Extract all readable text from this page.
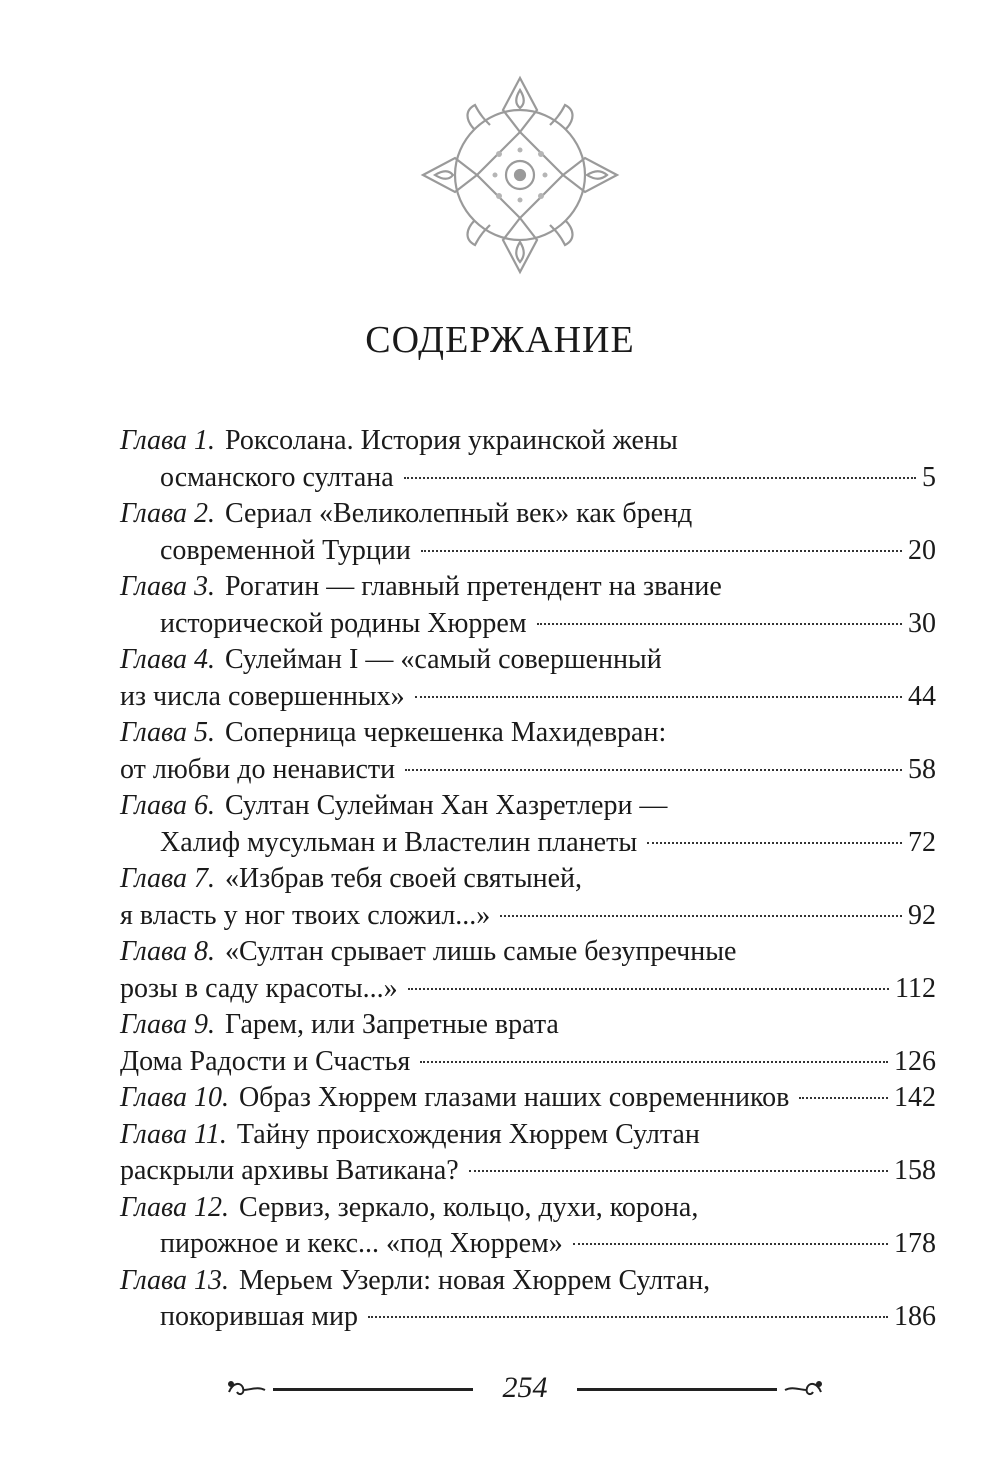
СОДЕРЖАНИЕ
Глава 1. Роксолана. История украинской жены
османского султана	5
Глава 2. Сериал «Великолепный век» как бренд
современной Турции	20
Глава 3. Рогатин — главный претендент на звание
исторической родины Хюррем	30
Глава 4. Сулейман I — «самый совершенный
из числа совершенных»	44
Глава 5. Соперница черкешенка Махидевран:
от любви до ненависти	58
Глава 6. Султан Сулейман Хан Хазретлери —
Халиф мусульман и Властелин планеты	72
Глава 7. «Избрав тебя своей святыней,
я власть у ног твоих сложил...»	92
Глава 8. «Султан срывает лишь самые безупречные
розы в саду красоты...»	112
Глава 9. Гарем, или Запретные врата
Дома Радости и Счастья	126
Глава 10. Образ Хюррем глазами наших современников	142
Глава 11. Тайну происхождения Хюррем Султан
раскрыли архивы Ватикана?	158
Глава 12. Сервиз, зеркало, кольцо, духи, корона,
пирожное и кекс... «под Хюррем»	178
Глава 13. Мерьем Узерли: новая Хюррем Султан,
покорившая мир	186
254
